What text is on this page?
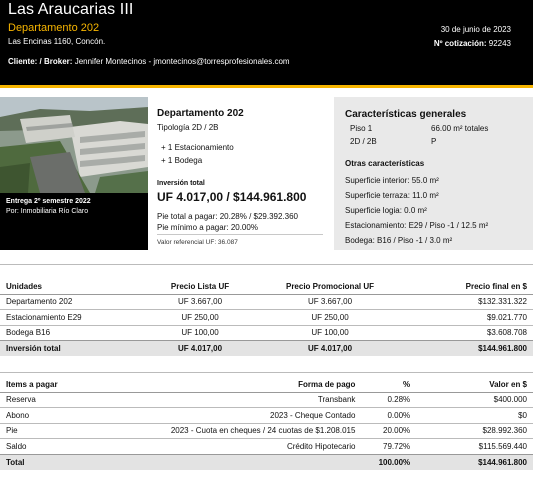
Las Araucarias III
Departamento 202
Las Encinas 1160, Concón.
30 de junio de 2023
Nº cotización: 92243
Cliente: / Broker: Jennifer Montecinos - jmontecinos@torresprofesionales.com
Entrega 2º semestre 2022
Por: Inmobiliaria Río Claro
Departamento 202
Tipología 2D / 2B
+ 1 Estacionamiento
+ 1 Bodega
Inversión total
UF 4.017,00 / $144.961.800
Pie total a pagar: 20.28% / $29.392.360
Pie mínimo a pagar: 20.00%
Valor referencial UF: 36.087
Características generales
Piso 1	66.00 m² totales
2D / 2B	P
Otras características
Superficie interior: 55.0 m²
Superficie terraza: 11.0 m²
Superficie logia: 0.0 m²
Estacionamiento: E29 / Piso -1 / 12.5 m²
Bodega: B16 / Piso -1 / 3.0 m²
Unidades	Precio Lista UF	Precio Promocional UF	Precio final en $
Departamento 202	UF 3.667,00	UF 3.667,00	$132.331.322
Estacionamiento E29	UF 250,00	UF 250,00	$9.021.770
Bodega B16	UF 100,00	UF 100,00	$3.608.708
Inversión total	UF 4.017,00	UF 4.017,00	$144.961.800
Items a pagar	Forma de pago	%	Valor en $
Reserva	Transbank	0.28%	$400.000
Abono	2023 - Cheque Contado	0.00%	$0
Pie	2023 - Cuota en cheques / 24 cuotas de $1.208.015	20.00%	$28.992.360
Saldo	Crédito Hipotecario	79.72%	$115.569.440
Total		100.00%	$144.961.800
